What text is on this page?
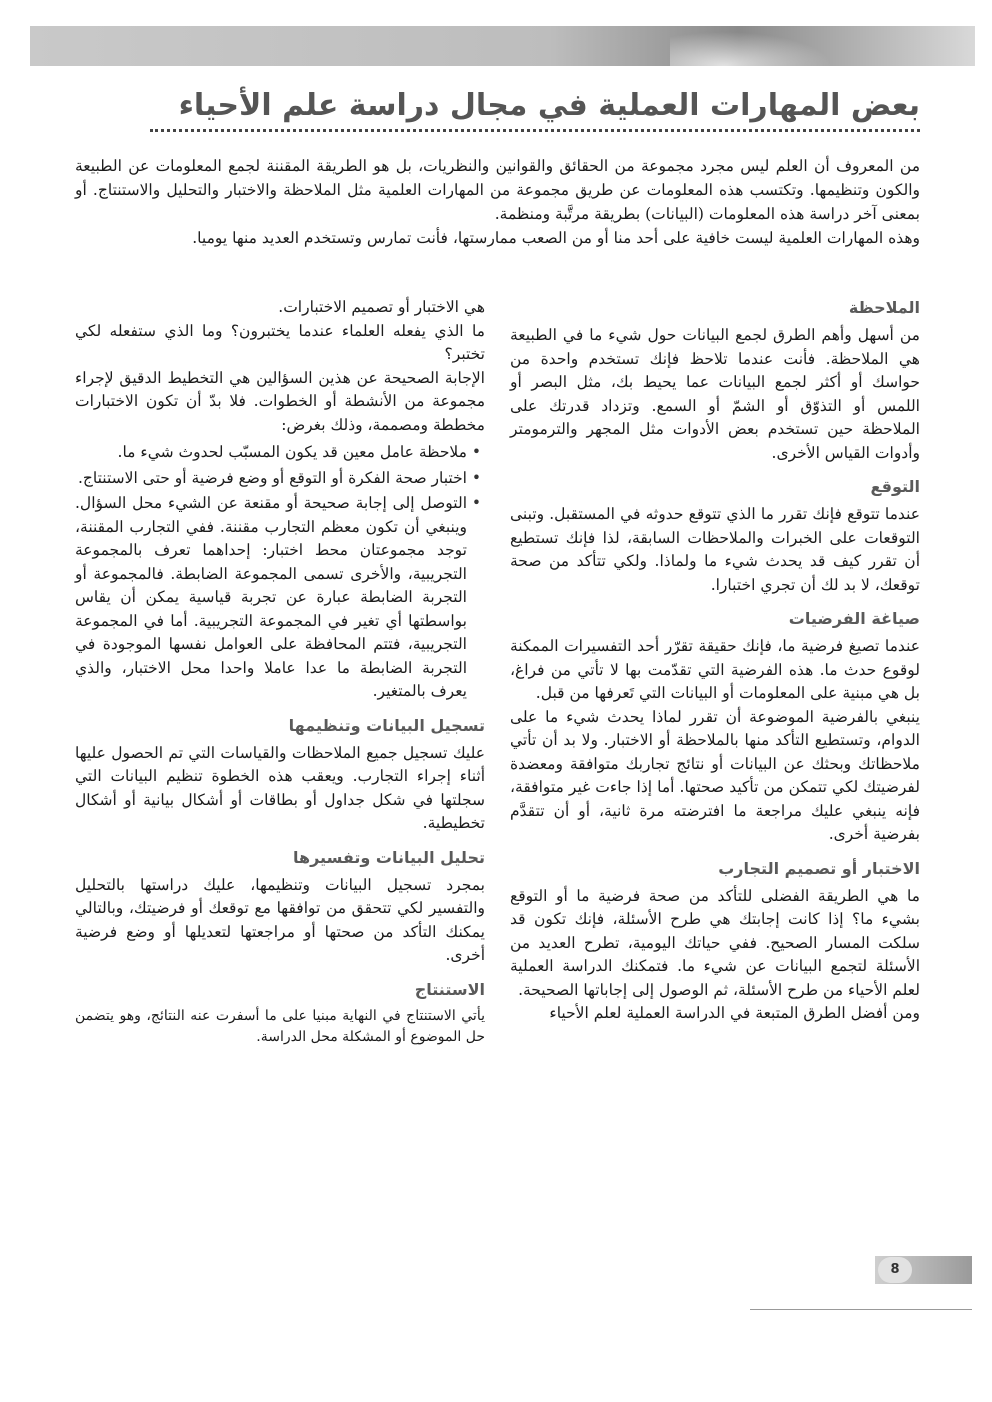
بعض المهارات العملية في مجال دراسة علم الأحياء

من المعروف أن العلم ليس مجرد مجموعة من الحقائق والقوانين والنظريات، بل هو الطريقة المقننة لجمع المعلومات عن الطبيعة والكون وتنظيمها. وتكتسب هذه المعلومات عن طريق مجموعة من المهارات العلمية مثل الملاحظة والاختبار والتحليل والاستنتاج. أو بمعنى آخر دراسة هذه المعلومات (البيانات) بطريقة مرتَّبة ومنظمة.

وهذه المهارات العلمية ليست خافية على أحد منا أو من الصعب ممارستها، فأنت تمارس وتستخدم العديد منها يوميا.

الملاحظة

من أسهل وأهم الطرق لجمع البيانات حول شيء ما في الطبيعة هي الملاحظة. فأنت عندما تلاحظ فإنك تستخدم واحدة من حواسك أو أكثر لجمع البيانات عما يحيط بك، مثل البصر أو اللمس أو التذوّق أو الشمّ أو السمع. وتزداد قدرتك على الملاحظة حين تستخدم بعض الأدوات مثل المجهر والترمومتر وأدوات القياس الأخرى.

التوقع

عندما تتوقع فإنك تقرر ما الذي تتوقع حدوثه في المستقبل. وتبنى التوقعات على الخبرات والملاحظات السابقة، لذا فإنك تستطيع أن تقرر كيف قد يحدث شيء ما ولماذا. ولكي تتأكد من صحة توقعك، لا بد لك أن تجري اختبارا.

صياغة الفرضيات

عندما تصيغ فرضية ما، فإنك حقيقة تقرّر أحد التفسيرات الممكنة لوقوع حدث ما. هذه الفرضية التي تقدّمت بها لا تأتي من فراغ، بل هي مبنية على المعلومات أو البيانات التي تَعرفها من قبل.

ينبغي بالفرضية الموضوعة أن تقرر لماذا يحدث شيء ما على الدوام، وتستطيع التأكد منها بالملاحظة أو الاختبار. ولا بد أن تأتي ملاحظاتك وبحثك عن البيانات أو نتائج تجاربك متوافقة ومعضدة لفرضيتك لكي تتمكن من تأكيد صحتها. أما إذا جاءت غير متوافقة، فإنه ينبغي عليك مراجعة ما افترضته مرة ثانية، أو أن تتقدَّم بفرضية أخرى.

الاختبار أو تصميم التجارب

ما هي الطريقة الفضلى للتأكد من صحة فرضية ما أو التوقع بشيء ما؟ إذا كانت إجابتك هي طرح الأسئلة، فإنك تكون قد سلكت المسار الصحيح. ففي حياتك اليومية، تطرح العديد من الأسئلة لتجمع البيانات عن شيء ما. فتمكنك الدراسة العملية لعلم الأحياء من طرح الأسئلة، ثم الوصول إلى إجاباتها الصحيحة.

ومن أفضل الطرق المتبعة في الدراسة العملية لعلم الأحياء

هي الاختبار أو تصميم الاختبارات.

ما الذي يفعله العلماء عندما يختبرون؟ وما الذي ستفعله لكي تختبر؟

الإجابة الصحيحة عن هذين السؤالين هي التخطيط الدقيق لإجراء مجموعة من الأنشطة أو الخطوات. فلا بدّ أن تكون الاختبارات مخططة ومصممة، وذلك بغرض:

• ملاحظة عامل معين قد يكون المسبّب لحدوث شيء ما.
• اختبار صحة الفكرة أو التوقع أو وضع فرضية أو حتى الاستنتاج.
• التوصل إلى إجابة صحيحة أو مقنعة عن الشيء محل السؤال. وينبغي أن تكون معظم التجارب مقننة. ففي التجارب المقننة، توجد مجموعتان محط اختبار: إحداهما تعرف بالمجموعة التجريبية، والأخرى تسمى المجموعة الضابطة. فالمجموعة أو التجربة الضابطة عبارة عن تجربة قياسية يمكن أن يقاس بواسطتها أي تغير في المجموعة التجريبية. أما في المجموعة التجريبية، فتتم المحافظة على العوامل نفسها الموجودة في التجربة الضابطة ما عدا عاملا واحدا محل الاختبار، والذي يعرف بالمتغير.
تسجيل البيانات وتنظيمها

عليك تسجيل جميع الملاحظات والقياسات التي تم الحصول عليها أثناء إجراء التجارب. ويعقب هذه الخطوة تنظيم البيانات التي سجلتها في شكل جداول أو بطاقات أو أشكال بيانية أو أشكال تخطيطية.

تحليل البيانات وتفسيرها

بمجرد تسجيل البيانات وتنظيمها، عليك دراستها بالتحليل والتفسير لكي تتحقق من توافقها مع توقعك أو فرضيتك، وبالتالي يمكنك التأكد من صحتها أو مراجعتها لتعديلها أو وضع فرضية أخرى.

الاستنتاج

يأتي الاستنتاج في النهاية مبنيا على ما أسفرت عنه النتائج، وهو يتضمن حل الموضوع أو المشكلة محل الدراسة.

8
